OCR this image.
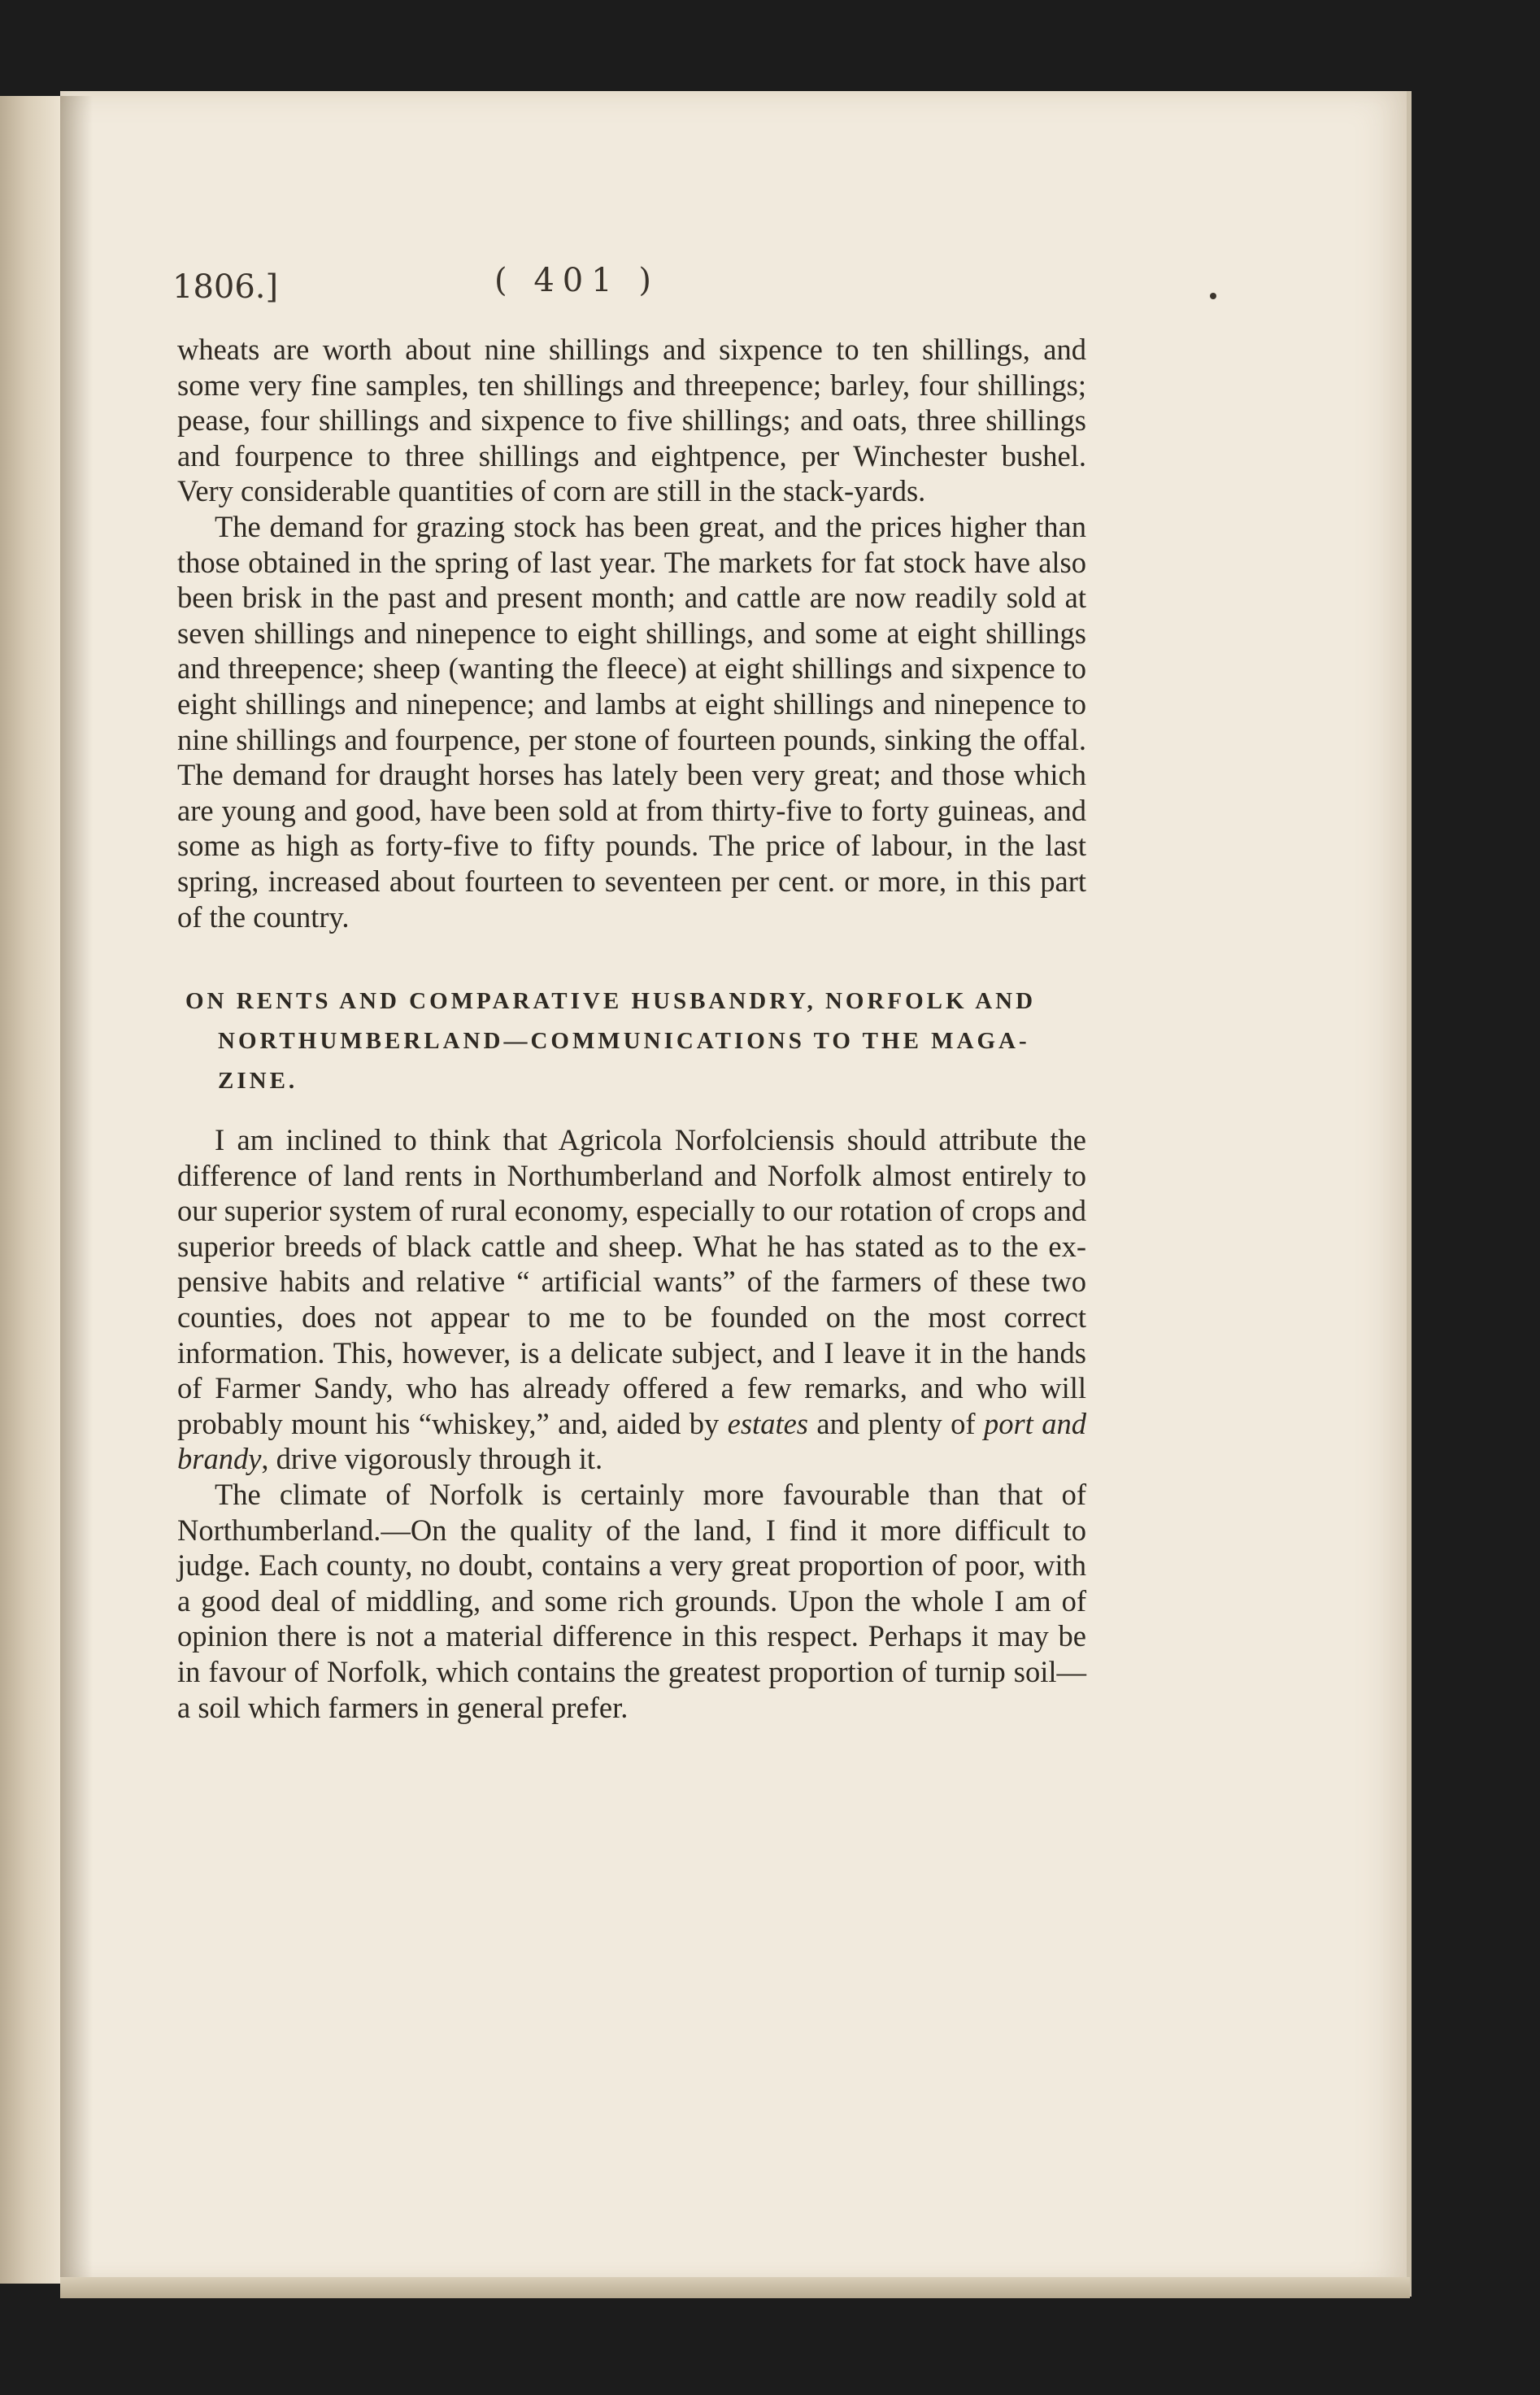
1806.]	( 401 )

wheats are worth about nine shillings and sixpence to ten shillings, and some very fine samples, ten shillings and threepence; barley, four shillings; pease, four shillings and sixpence to five shillings; and oats, three shillings and fourpence to three shillings and eightpence, per Winchester bushel. Very considerable quantities of corn are still in the stack-yards.

The demand for grazing stock has been great, and the prices higher than those obtained in the spring of last year. The markets for fat stock have also been brisk in the past and present month; and cattle are now readily sold at seven shillings and ninepence to eight shillings, and some at eight shillings and threepence; sheep (wanting the fleece) at eight shillings and sixpence to eight shillings and ninepence; and lambs at eight shillings and ninepence to nine shillings and fourpence, per stone of fourteen pounds, sinking the offal. The demand for draught horses has lately been very great; and those which are young and good, have been sold at from thirty-five to forty guineas, and some as high as forty-five to fifty pounds. The price of labour, in the last spring, increased about fourteen to seventeen per cent. or more, in this part of the country.

ON RENTS AND COMPARATIVE HUSBANDRY, NORFOLK AND
NORTHUMBERLAND—COMMUNICATIONS TO THE MAGA-
ZINE.

I am inclined to think that Agricola Norfolciensis should attribute the difference of land rents in Northumberland and Norfolk almost entirely to our superior system of rural economy, especially to our rotation of crops and superior breeds of black cattle and sheep. What he has stated as to the expensive habits and relative “ artificial wants” of the farmers of these two counties, does not appear to me to be founded on the most correct information. This, however, is a delicate subject, and I leave it in the hands of Farmer Sandy, who has already offered a few remarks, and who will probably mount his “whiskey,” and, aided by estates and plenty of port and brandy, drive vigorously through it.

The climate of Norfolk is certainly more favourable than that of Northumberland.—On the quality of the land, I find it more difficult to judge. Each county, no doubt, contains a very great proportion of poor, with a good deal of middling, and some rich grounds. Upon the whole I am of opinion there is not a material difference in this respect. Perhaps it may be in favour of Norfolk, which contains the greatest proportion of turnip soil—a soil which farmers in general prefer.
